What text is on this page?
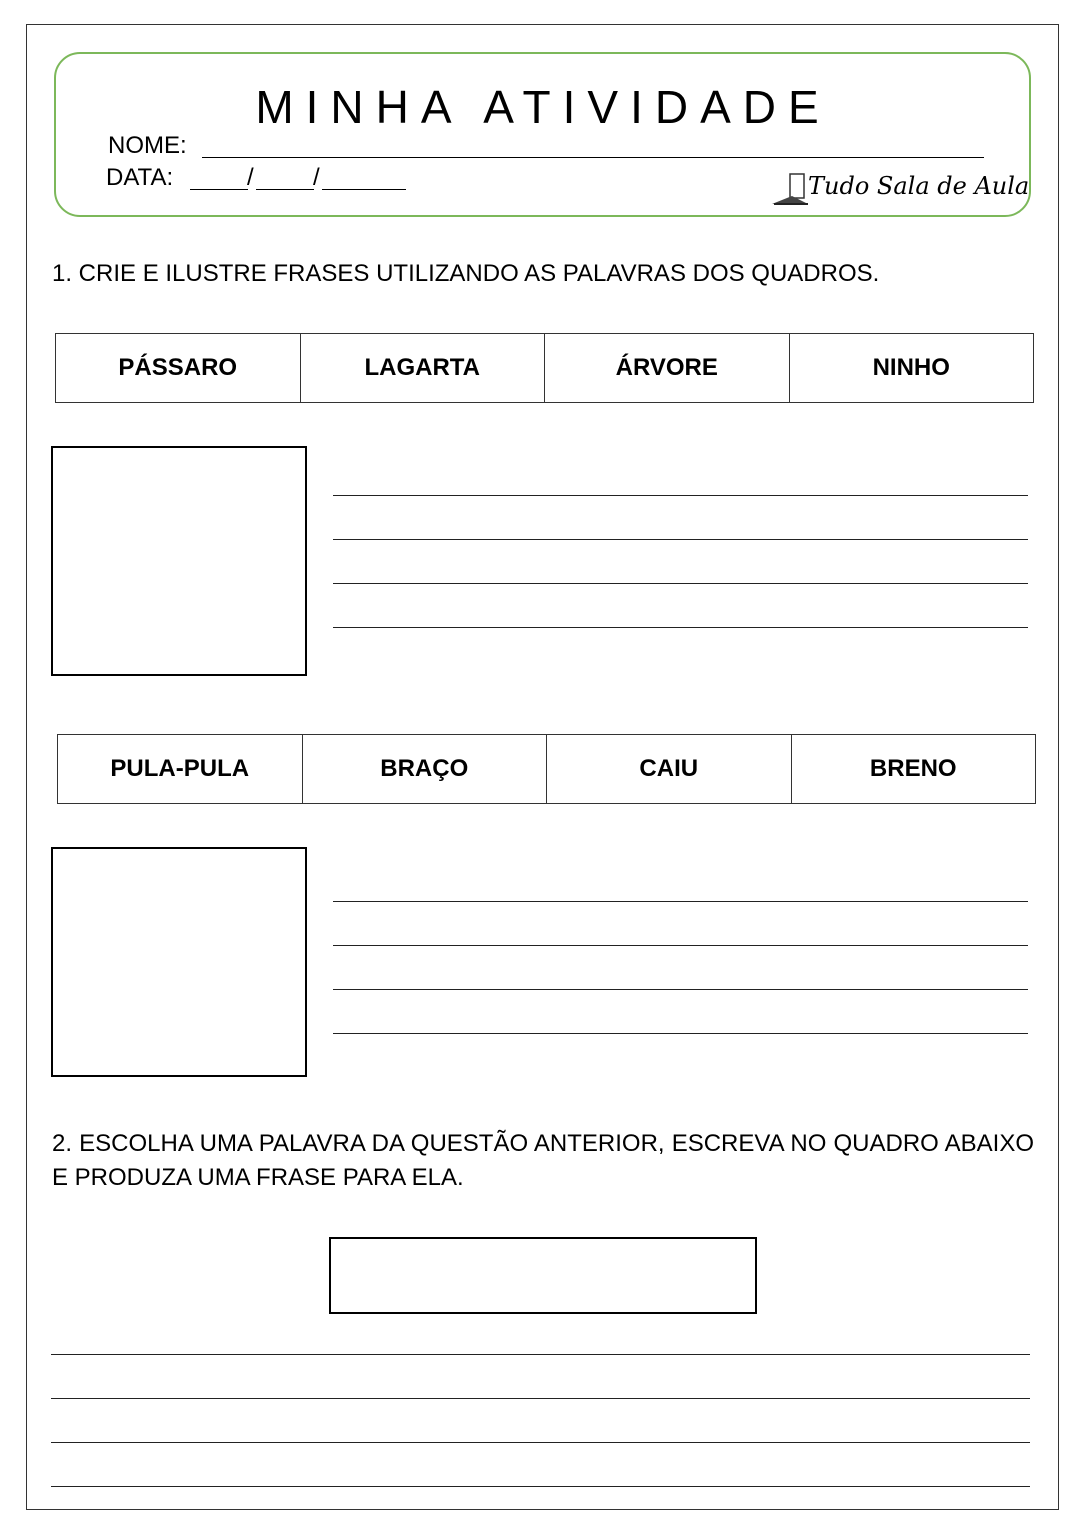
MINHA ATIVIDADE
NOME:
DATA:	/ /	Tudo Sala de Aula
1. CRIE E ILUSTRE FRASES UTILIZANDO AS PALAVRAS DOS QUADROS.
PÁSSARO	LAGARTA	ÁRVORE	NINHO
PULA-PULA	BRAÇO	CAIU	BRENO
2. ESCOLHA UMA PALAVRA DA QUESTÃO ANTERIOR, ESCREVA NO QUADRO ABAIXO E PRODUZA UMA FRASE PARA ELA.
